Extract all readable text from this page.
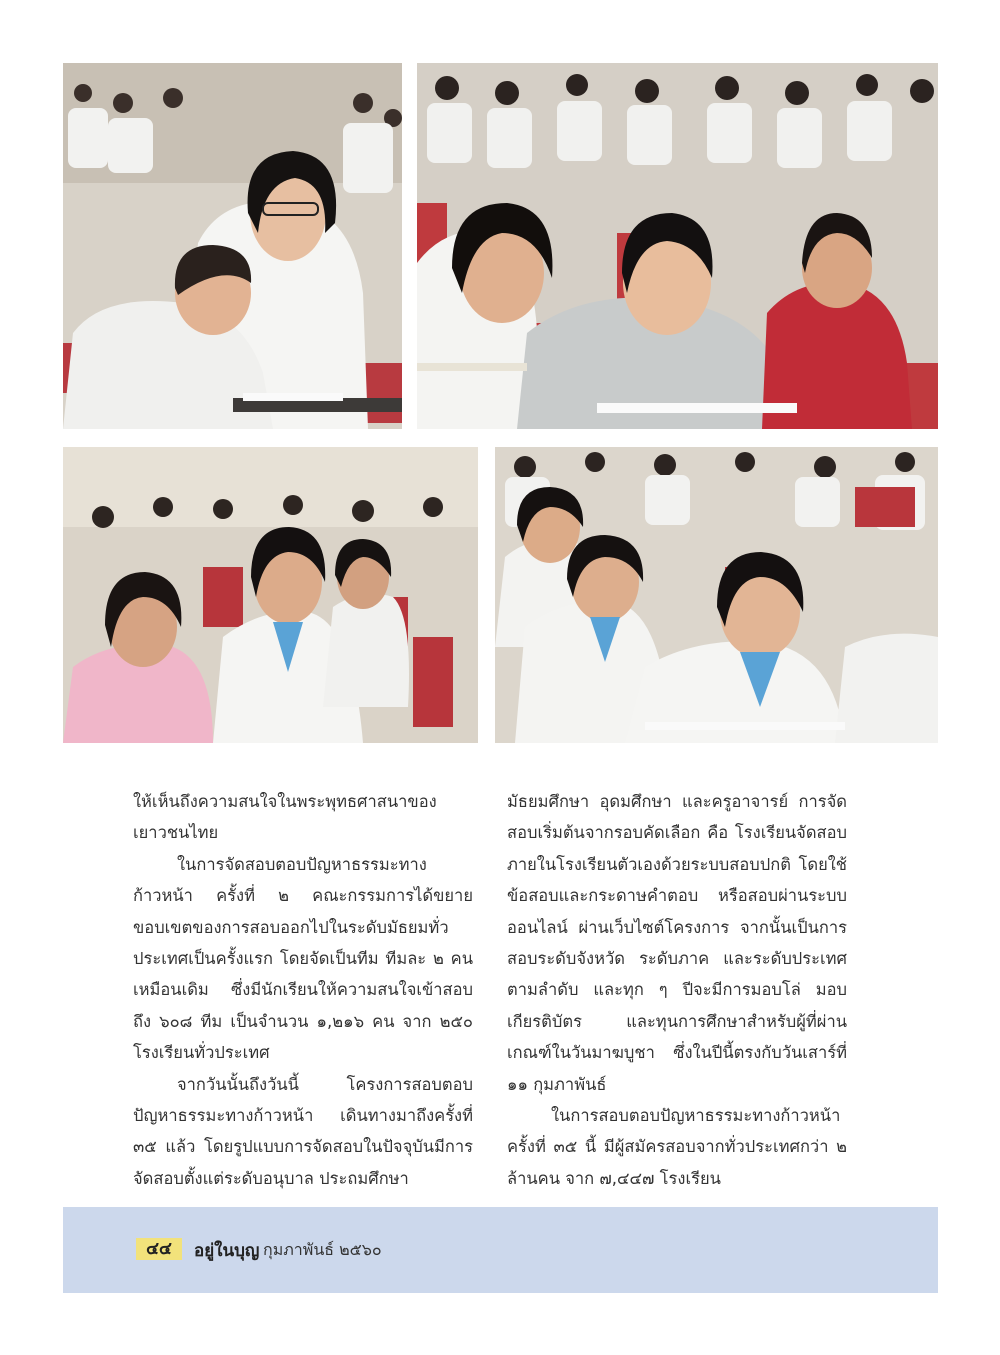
ให้เห็นถึงความสนใจในพระพุทธศาสนาของเยาวชนไทย

ในการจัดสอบตอบปัญหาธรรมะทางก้าวหน้า ครั้งที่ ๒ คณะกรรมการได้ขยายขอบเขตของการสอบออกไปในระดับมัธยมทั่วประเทศเป็นครั้งแรก โดยจัดเป็นทีม ทีมละ ๒ คนเหมือนเดิม ซึ่งมีนักเรียนให้ความสนใจเข้าสอบถึง ๖๐๘ ทีม เป็นจำนวน ๑,๒๑๖ คน จาก ๒๕๐ โรงเรียนทั่วประเทศ

จากวันนั้นถึงวันนี้ โครงการสอบตอบปัญหาธรรมะทางก้าวหน้า เดินทางมาถึงครั้งที่ ๓๕ แล้ว โดยรูปแบบการจัดสอบในปัจจุบันมีการจัดสอบตั้งแต่ระดับอนุบาล ประถมศึกษา

มัธยมศึกษา อุดมศึกษา และครูอาจารย์ การจัดสอบเริ่มต้นจากรอบคัดเลือก คือ โรงเรียนจัดสอบภายในโรงเรียนตัวเองด้วยระบบสอบปกติ โดยใช้ข้อสอบและกระดาษคำตอบ หรือสอบผ่านระบบออนไลน์ ผ่านเว็บไซต์โครงการ จากนั้นเป็นการสอบระดับจังหวัด ระดับภาค และระดับประเทศตามลำดับ และทุก ๆ ปีจะมีการมอบโล่ มอบเกียรติบัตร และทุนการศึกษาสำหรับผู้ที่ผ่านเกณฑ์ในวันมาฆบูชา ซึ่งในปีนี้ตรงกับวันเสาร์ที่ ๑๑ กุมภาพันธ์

ในการสอบตอบปัญหาธรรมะทางก้าวหน้า ครั้งที่ ๓๕ นี้ มีผู้สมัครสอบจากทั่วประเทศกว่า ๒ ล้านคน จาก ๗,๔๔๗ โรงเรียน

๔๔	อยู่ในบุญ กุมภาพันธ์ ๒๕๖๐
